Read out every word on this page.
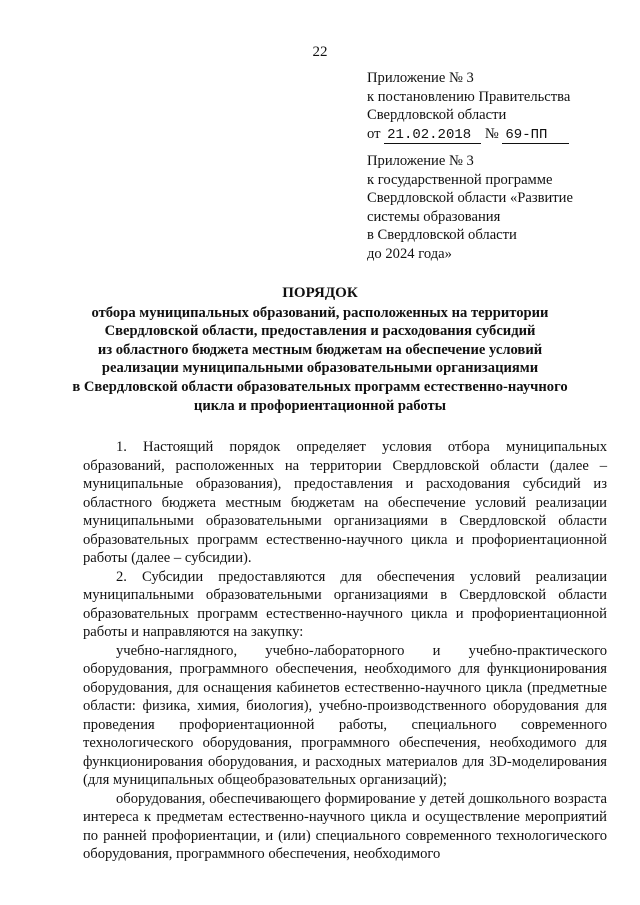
22
Приложение № 3
к постановлению Правительства
Свердловской области
от 21.02.2018 № 69-ПП
Приложение № 3
к государственной программе
Свердловской области «Развитие
системы образования
в Свердловской области
до 2024 года»
ПОРЯДОК
отбора муниципальных образований, расположенных на территории
Свердловской области, предоставления и расходования субсидий
из областного бюджета местным бюджетам на обеспечение условий
реализации муниципальными образовательными организациями
в Свердловской области образовательных программ естественно-научного
цикла и профориентационной работы

1. Настоящий порядок определяет условия отбора муниципальных образований, расположенных на территории Свердловской области (далее – муниципальные образования), предоставления и расходования субсидий из областного бюджета местным бюджетам на обеспечение условий реализации муниципальными образовательными организациями в Свердловской области образовательных программ естественно-научного цикла и профориентационной работы (далее – субсидии).

2. Субсидии предоставляются для обеспечения условий реализации муниципальными образовательными организациями в Свердловской области образовательных программ естественно-научного цикла и профориентационной работы и направляются на закупку:

учебно-наглядного, учебно-лабораторного и учебно-практического оборудования, программного обеспечения, необходимого для функционирования оборудования, для оснащения кабинетов естественно-научного цикла (предметные области: физика, химия, биология), учебно-производственного оборудования для проведения профориентационной работы, специального современного технологического оборудования, программного обеспечения, необходимого для функционирования оборудования, и расходных материалов для 3D-моделирования (для муниципальных общеобразовательных организаций);

оборудования, обеспечивающего формирование у детей дошкольного возраста интереса к предметам естественно-научного цикла и осуществление мероприятий по ранней профориентации, и (или) специального современного технологического оборудования, программного обеспечения, необходимого
